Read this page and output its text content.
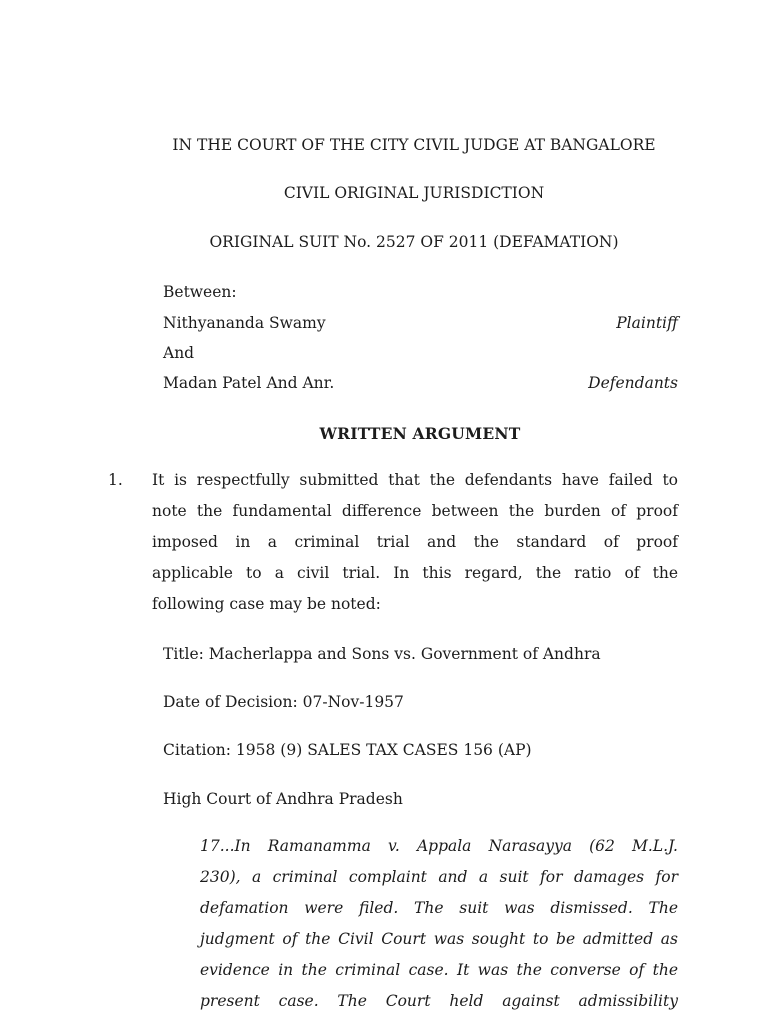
IN THE COURT OF THE CITY CIVIL JUDGE AT BANGALORE
CIVIL ORIGINAL JURISDICTION
ORIGINAL SUIT No. 2527 OF 2011 (DEFAMATION)
Between:
Nithyananda Swamy	Plaintiff
And
Madan Patel And Anr.	Defendants
WRITTEN ARGUMENT
1. It is respectfully submitted that the defendants have failed to
note the fundamental difference between the burden of proof
imposed in a criminal trial and the standard of proof
applicable to a civil trial. In this regard, the ratio of the
following case may be noted:
Title: Macherlappa and Sons vs. Government of Andhra
Date of Decision: 07-Nov-1957
Citation: 1958 (9) SALES TAX CASES 156 (AP)
High Court of Andhra Pradesh
17...In Ramanamma v. Appala Narasayya (62 M.L.J.
230), a criminal complaint and a suit for damages for
defamation were filed. The suit was dismissed. The
judgment of the Civil Court was sought to be admitted as
evidence in the criminal case. It was the converse of the
present case. The Court held against admissibility
